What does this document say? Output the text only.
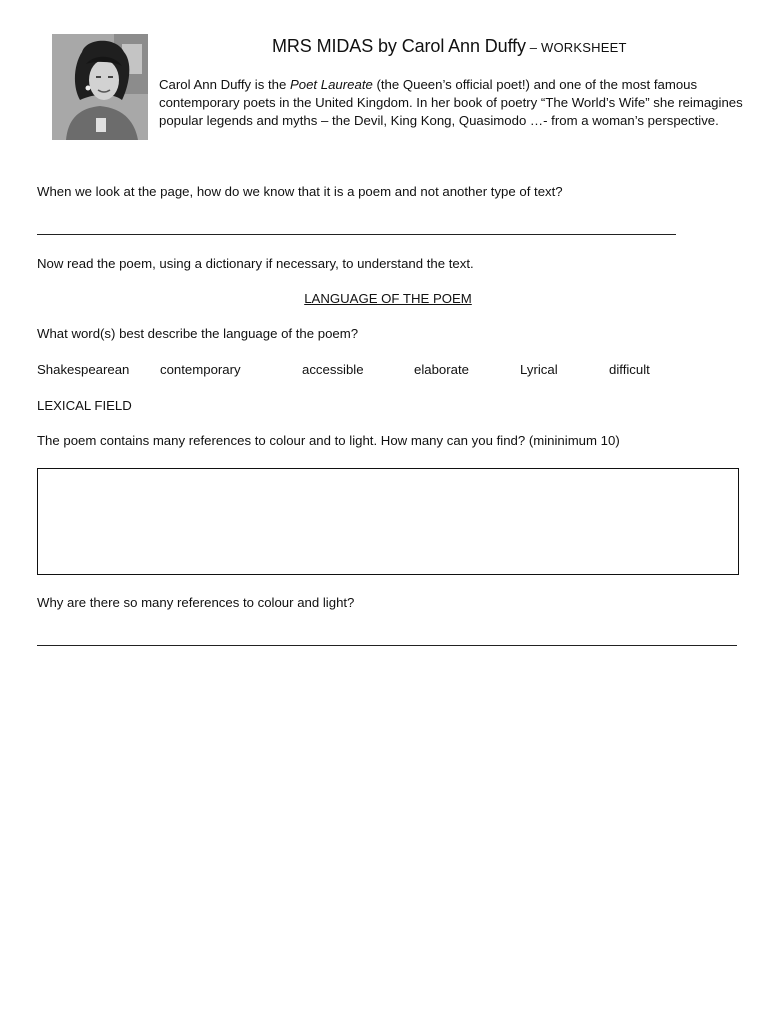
MRS MIDAS by Carol Ann Duffy – WORKSHEET
Carol Ann Duffy is the Poet Laureate (the Queen’s official poet!) and one of the most famous contemporary poets in the United Kingdom. In her book of poetry “The World’s Wife” she reimagines popular legends and myths – the Devil, King Kong, Quasimodo …- from a woman’s perspective.
When we look at the page, how do we know that it is a poem and not another type of text?
Now read the poem, using a dictionary if necessary, to understand the text.
LANGUAGE OF THE POEM
What word(s) best describe the language of the poem?
Shakespearean contemporary	accessible	elaborate	Lyrical	difficult
LEXICAL FIELD
The poem contains many references to colour and to light. How many can you find? (mininimum 10)
Why are there so many references to colour and light?
